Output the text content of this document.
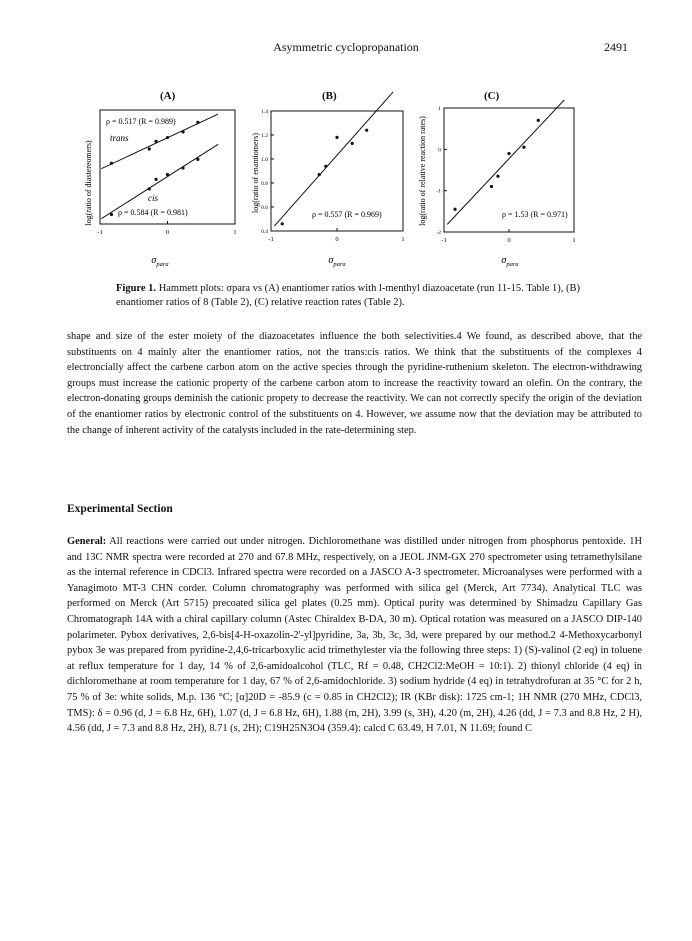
Asymmetric cyclopropanation	2491
(A)	(B)	(C)
log(ratio of diastereomers)
-1	0	1
ρ = 0.517 (R = 0.989)
trans
cis
ρ = 0.584 (R = 0.981)
$\sigma_{para}$
log(ratio of enantiomers)
1.4
1.2
1.0
0.8
0.6
0.4
-1	0	1
ρ = 0.557 (R = 0.969)
$\sigma_{para}$
log(ratio of relative reaction rates)
1
0
-1
-2
-1	0	1
ρ = 1.53 (R = 0.971)
$\sigma_{para}$
Figure 1. Hammett plots: σpara vs (A) enantiomer ratios with l-menthyl diazoacetate (run 11-15. Table 1), (B) enantiomer ratios of 8 (Table 2), (C) relative reaction rates (Table 2).
shape and size of the ester moiety of the diazoacetates influence the both selectivities.4 We found, as described above, that the substituents on 4 mainly alter the enantiomer ratios, not the trans:cis ratios. We think that the substituents of the complexes 4 electroncially affect the carbene carbon atom on the active species through the pyridine-ruthenium skeleton. The electron-withdrawing groups must increase the cationic property of the carbene carbon atom to increase the reactivity toward an olefin. On the contrary, the electron-donating groups deminish the cationic propety to decrease the reactivity. We can not correctly specify the origin of the deviation of the enantiomer ratios by electronic control of the substituents on 4. However, we assume now that the deviation may be attributed to the change of inherent activity of the catalysts included in the rate-determining step.
Experimental Section
General: All reactions were carried out under nitrogen. Dichloromethane was distilled under nitrogen from phosphorus pentoxide. 1H and 13C NMR spectra were recorded at 270 and 67.8 MHz, respectively, on a JEOL JNM-GX 270 spectrometer using tetramethylsilane as the internal reference in CDCl3. Infrared spectra were recorded on a JASCO A-3 spectrometer. Microanalyses were performed with a Yanagimoto MT-3 CHN corder. Column chromatography was performed with silica gel (Merck, Art 7734). Analytical TLC was performed on Merck (Art 5715) precoated silica gel plates (0.25 mm). Optical purity was determined by Shimadzu Capillary Gas Chromatograph 14A with a chiral capillary column (Astec Chiraldex B-DA, 30 m). Optical rotation was measured on a JASCO DIP-140 polarimeter. Pybox derivatives, 2,6-bis[4-H-oxazolin-2'-yl]pyridine, 3a, 3b, 3c, 3d, were prepared by our method.2 4-Methoxycarbonyl pybox 3e was prepared from pyridine-2,4,6-tricarboxylic acid trimethylester via the following three steps: 1) (S)-valinol (2 eq) in toluene at reflux temperature for 1 day, 14 % of 2,6-amidoalcohol (TLC, Rf = 0.48, CH2Cl2:MeOH = 10:1). 2) thionyl chloride (4 eq) in dichloromethane at room temperature for 1 day, 67 % of 2,6-amidochloride. 3) sodium hydride (4 eq) in tetrahydrofuran at 35 °C for 2 h, 75 % of 3e: white solids, M.p. 136 °C; [α]20D = -85.9 (c = 0.85 in CH2Cl2); IR (KBr disk): 1725 cm-1; 1H NMR (270 MHz, CDCl3, TMS): δ = 0.96 (d, J = 6.8 Hz, 6H), 1.07 (d, J = 6.8 Hz, 6H), 1.88 (m, 2H), 3.99 (s, 3H), 4.20 (m, 2H), 4.26 (dd, J = 7.3 and 8.8 Hz, 2 H), 4.56 (dd, J = 7.3 and 8.8 Hz, 2H), 8.71 (s, 2H); C19H25N3O4 (359.4): calcd C 63.49, H 7.01, N 11.69; found C
